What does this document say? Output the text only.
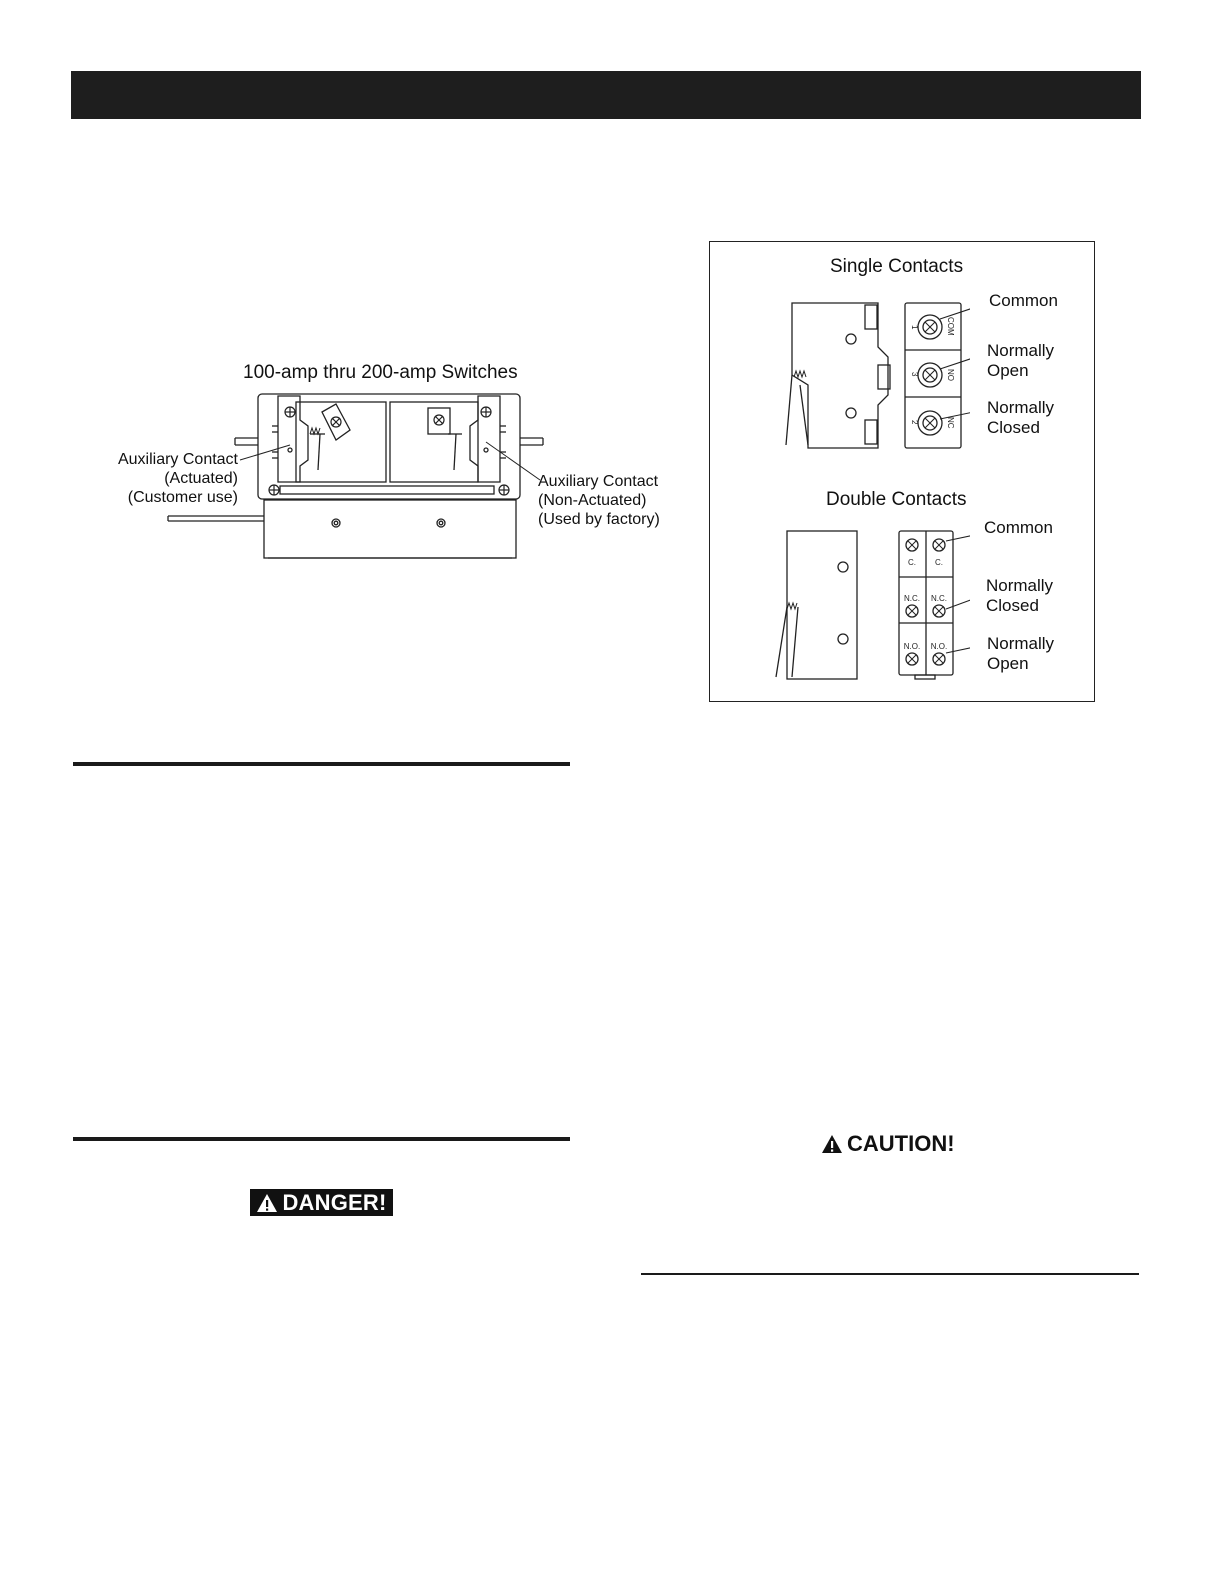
100-amp thru 200-amp Switches
Auxiliary Contact
(Actuated)
(Customer use)
Auxiliary Contact
(Non-Actuated)
(Used by factory)
DANGER!
Single Contacts
1	COM
3	NO
2	NC
Common
Normally
Open
Normally
Closed
Double Contacts
C. C.
N.C. N.C.
N.O. N.O.
Common
Normally
Closed
Normally
Open
CAUTION!
